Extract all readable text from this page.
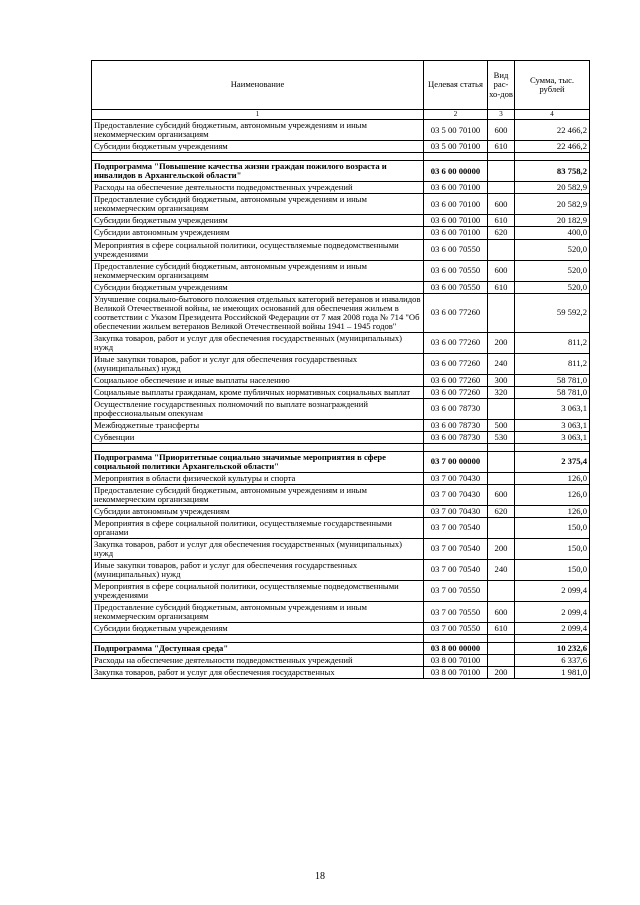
Наименование	Целевая статья	Вид рас-хо-дов	Сумма, тыс. рублей
1	2	3	4
Предоставление субсидий бюджетным, автономным учреждениям и иным некоммерческим организациям	03 5 00 70100	600	22 466,2
Субсидии бюджетным учреждениям	03 5 00 70100	610	22 466,2

Подпрограмма "Повышение качества жизни граждан пожилого возраста и инвалидов в Архангельской области"	03 6 00 00000		83 758,2
Расходы на обеспечение деятельности подведомственных учреждений	03 6 00 70100		20 582,9
Предоставление субсидий бюджетным, автономным учреждениям и иным некоммерческим организациям	03 6 00 70100	600	20 582,9
Субсидии бюджетным учреждениям	03 6 00 70100	610	20 182,9
Субсидии автономным учреждениям	03 6 00 70100	620	400,0
Мероприятия в сфере социальной политики, осуществляемые подведомственными учреждениями	03 6 00 70550		520,0
Предоставление субсидий бюджетным, автономным учреждениям и иным некоммерческим организациям	03 6 00 70550	600	520,0
Субсидии бюджетным учреждениям	03 6 00 70550	610	520,0
Улучшение социально-бытового положения отдельных категорий ветеранов и инвалидов Великой Отечественной войны, не имеющих оснований для обеспечения жильем в соответствии с Указом Президента Российской Федерации от 7 мая 2008 года № 714 "Об обеспечении жильем ветеранов Великой Отечественной войны 1941 – 1945 годов"	03 6 00 77260		59 592,2
Закупка товаров, работ и услуг для обеспечения государственных (муниципальных) нужд	03 6 00 77260	200	811,2
Иные закупки товаров, работ и услуг для обеспечения государственных (муниципальных) нужд	03 6 00 77260	240	811,2
Социальное обеспечение и иные выплаты населению	03 6 00 77260	300	58 781,0
Социальные выплаты гражданам, кроме публичных нормативных социальных выплат	03 6 00 77260	320	58 781,0
Осуществление государственных полномочий по выплате вознаграждений профессиональным опекунам	03 6 00 78730		3 063,1
Межбюджетные трансферты	03 6 00 78730	500	3 063,1
Субвенции	03 6 00 78730	530	3 063,1

Подпрограмма "Приоритетные социально значимые мероприятия в сфере социальной политики Архангельской области"	03 7 00 00000		2 375,4
Мероприятия в области физической культуры и спорта	03 7 00 70430		126,0
Предоставление субсидий бюджетным, автономным учреждениям и иным некоммерческим организациям	03 7 00 70430	600	126,0
Субсидии автономным учреждениям	03 7 00 70430	620	126,0
Мероприятия в сфере социальной политики, осуществляемые государственными органами	03 7 00 70540		150,0
Закупка товаров, работ и услуг для обеспечения государственных (муниципальных) нужд	03 7 00 70540	200	150,0
Иные закупки товаров, работ и услуг для обеспечения государственных (муниципальных) нужд	03 7 00 70540	240	150,0
Мероприятия в сфере социальной политики, осуществляемые подведомственными учреждениями	03 7 00 70550		2 099,4
Предоставление субсидий бюджетным, автономным учреждениям и иным некоммерческим организациям	03 7 00 70550	600	2 099,4
Субсидии бюджетным учреждениям	03 7 00 70550	610	2 099,4

Подпрограмма "Доступная среда"	03 8 00 00000		10 232,6
Расходы на обеспечение деятельности подведомственных учреждений	03 8 00 70100		6 337,6
Закупка товаров, работ и услуг для обеспечения государственных	03 8 00 70100	200	1 981,0
18
